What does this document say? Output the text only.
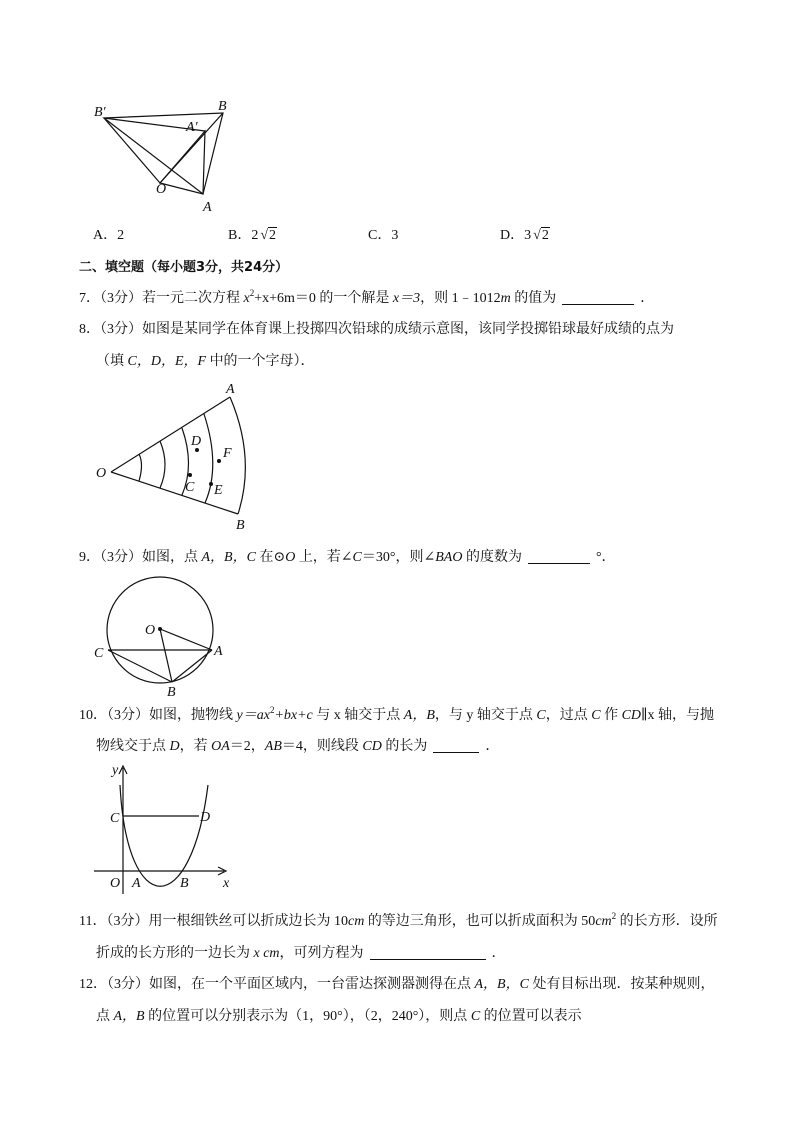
B′	B
A′
O
A
A．2	B．2 √2	C．3	D．3 √2
二、填空题（每小题3分，共24分）
7．（3分）若一元二次方程 $x^2+x+6m=0$ 的一个解是 x＝3，则 1﹣1012m 的值为	．
8．（3分）如图是某同学在体育课上投掷四次铅球的成绩示意图，该同学投掷铅球最好成绩的点为
（填 C，D，E，F 中的一个字母）．
A
O
D
F
C E
B
9．（3分）如图，点 A，B，C 在⊙O 上，若∠C＝30°，则∠BAO 的度数为	°．
O
C	A
B
10．（3分）如图，抛物线 $y=ax^2+bx+c$ 与 x 轴交于点 A，B，与 y 轴交于点 C，过点 C 作 CD∥x 轴，与抛
物线交于点 D，若 OA＝2，AB＝4，则线段 CD 的长为	．
y
C	D
O A	B x
11．（3分）用一根细铁丝可以折成边长为 10cm 的等边三角形，也可以折成面积为 $50cm^2$ 的长方形．设所
折成的长方形的一边长为 x cm，可列方程为	．
12．（3分）如图，在一个平面区域内，一台雷达探测器测得在点 A，B，C 处有目标出现．按某种规则，
点 A，B 的位置可以分别表示为（1，90°），（2，240°），则点 C 的位置可以表示
